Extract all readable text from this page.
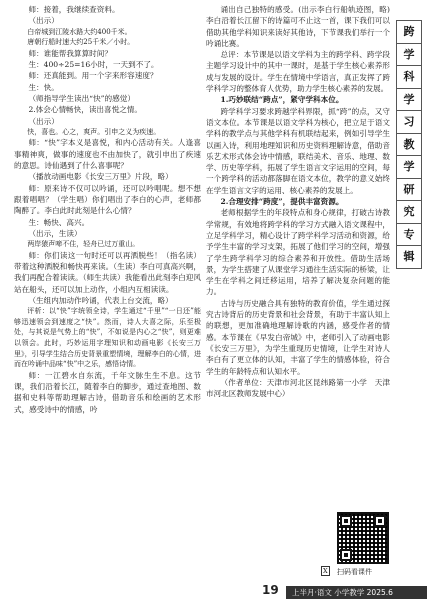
师：接着，我继续查资料。

（出示）

白帝城到江陵水路大约400千米。

唐朝行船时速大约25千米／小时。

师：谁能帮我算算时间？

生：400÷25=16小时，一天到不了。

师：还真能到。用一个字来形容速度？

生：快。

（师指导学生读出“快”的感觉）

2.体会心情畅快，读出喜悦之情。

（出示）

快，喜也。心之，爽声。引申之义为疾速。

师：“快”字本义是喜悦，和内心活动有关。人逢喜事精神爽，做事的速度也不由加快了，就引申出了疾速的意思。诗仙遇到了什么喜事呢？

（播放动画电影《长安三万里》片段，略）

师：原来诗不仅可以吟诵，还可以吟唱呢。想不想跟着唱唱？（学生唱）你们唱出了李白的心声，老师都陶醉了。李白此时此刻是什么心情？

生：畅快、高兴。

（出示，生读）

两岸猿声啼不住，轻舟已过万重山。

师：你们读这一句时还可以再洒脱些！（指名读）带着这种洒脱和畅快再来读。（生读）李白可真高兴啊，我们再配合着读读。（师生共读）我能看出此刻李白迎风站在船头，还可以加上动作，小组内互相读读。

（生组内加动作吟诵，代表上台交流，略）

评析：以“快”字统领全诗，学生通过“千里”“一日还”能够迅速领会到速度之“快”。然而，诗人大喜之际，乐至极处，与其说是气势上的“快”，不如说是内心之“快”，则更难以领会。此时，巧妙运用字理知识和动画电影《长安三万里》，引导学生结合历史背景重塑情境，理解李白的心情，进而在吟诵中品味“快”中之乐，感悟诗情。

师：一江碧水自东流，千年文脉生生不息。这节课，我们沿着长江，随着李白的脚步，通过查地图、数据和史料等帮助理解古诗，借助音乐和绘画的艺术形式，感受诗中的情感，吟

诵出自己独特的感受。(出示李白行船轨迹图，略)李白沿着长江留下的诗篇可不止这一首，课下我们可以借助其他学科知识来读好其他诗，下节课我们举行一个吟诵比赛。

总评：本节课是以语文学科为主的跨学科、跨学段主题学习设计中的其中一课时，是基于学生核心素养形成与发展的设计。学生在情境中学语言，真正发挥了跨学科学习的整体育人优势，助力学生核心素养的发展。

1.巧妙联结“跨点”，紧守学科本位。

跨学科学习要求跨越学科界限，抓“跨”的点，又守语文本位。本节课是以语文学科为核心，把立足于语文学科的教学点与其他学科有机联结起来，例如引导学生以画入诗，利用地理知识和历史资料理解诗意，借助音乐艺术形式体会诗中情感，联结美术、音乐、地理、数学、历史等学科，拓展了学生语言文字运用的空间，每一个跨学科的活动都落脚在语文本位，教学的意义始终在学生语言文字的运用、核心素养的发展上。

2.合理安排“跨度”，提供丰富资源。

老师根据学生的年段特点和身心规律，打破古诗教学常规，有效地将跨学科的学习方式融入语文课程中，立足学科学习，精心设计了跨学科学习活动和资源，给予学生丰富的学习支架，拓展了他们学习的空间，增强了学生跨学科学习的综合素养和开放性。借助生活场景，为学生搭建了从课堂学习通往生活实际的桥梁，让学生在学科之间迁移运用，培养了解决复杂问题的能力。

古诗与历史融合具有独特的教育价值，学生通过探究古诗背后的历史背景和社会背景，有助于丰富认知上的联想，更加准确地理解诗歌的内涵，感受作者的情感。本节课在《早发白帝城》中，老师引入了动画电影《长安三万里》，为学生重现历史情境，让学生对诗人李白有了更立体的认知，丰富了学生的情感体验，符合学生的年龄特点和认知水平。

（作者单位：天津市河北区昆纬路第一小学　天津市河北区教师发展中心）

跨
学
科
学
习
教
学
研
究
专
辑
X 扫码看课件
19	上半月·语文 小学教学 2025.6
